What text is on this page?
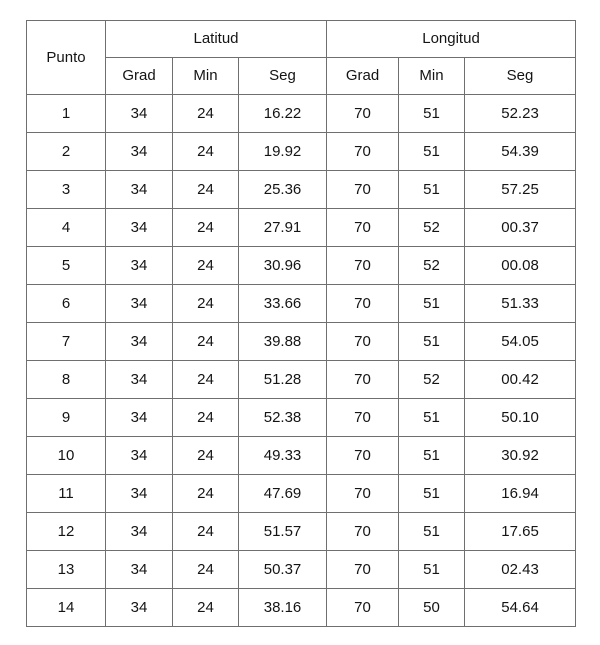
Punto	Latitud			Longitud		
	Grad	Min	Seg	Grad	Min	Seg
1	34	24	16.22	70	51	52.23
2	34	24	19.92	70	51	54.39
3	34	24	25.36	70	51	57.25
4	34	24	27.91	70	52	00.37
5	34	24	30.96	70	52	00.08
6	34	24	33.66	70	51	51.33
7	34	24	39.88	70	51	54.05
8	34	24	51.28	70	52	00.42
9	34	24	52.38	70	51	50.10
10	34	24	49.33	70	51	30.92
11	34	24	47.69	70	51	16.94
12	34	24	51.57	70	51	17.65
13	34	24	50.37	70	51	02.43
14	34	24	38.16	70	50	54.64
